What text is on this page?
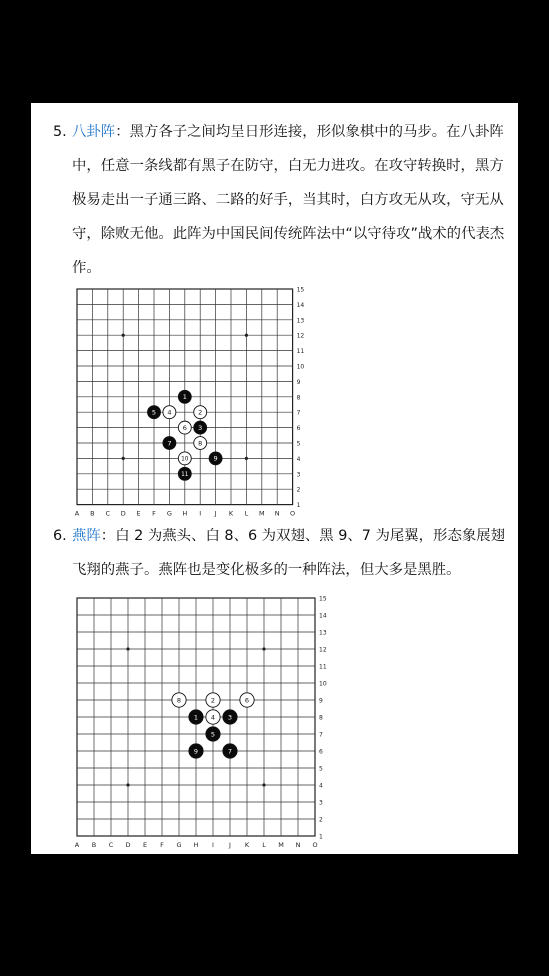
5. 八卦阵：黑方各子之间均呈日形连接，形似象棋中的马步。在八卦阵中，任意一条线都有黑子在防守，白无力进攻。在攻守转换时，黑方极易走出一子通三路、二路的好手，当其时，白方攻无从攻，守无从守，除败无他。此阵为中国民间传统阵法中“以守待攻”战术的代表杰作。
A B C D E F G H I J K L M N O
15
14
13
12
11
10
9
8
7
6
5
4
3
2
1
1
2
3
4
5
6
7	8
9
10
11
6. 燕阵：白 2 为燕头、白 8、6 为双翅、黑 9、7 为尾翼，形态象展翅飞翔的燕子。燕阵也是变化极多的一种阵法，但大多是黑胜。
A B C D E F G H I J K L M N O
15
14
13
12
11
10
9
8
7
6
5
4
3
2
1
8	2	6
1 4 3
5
9	7
